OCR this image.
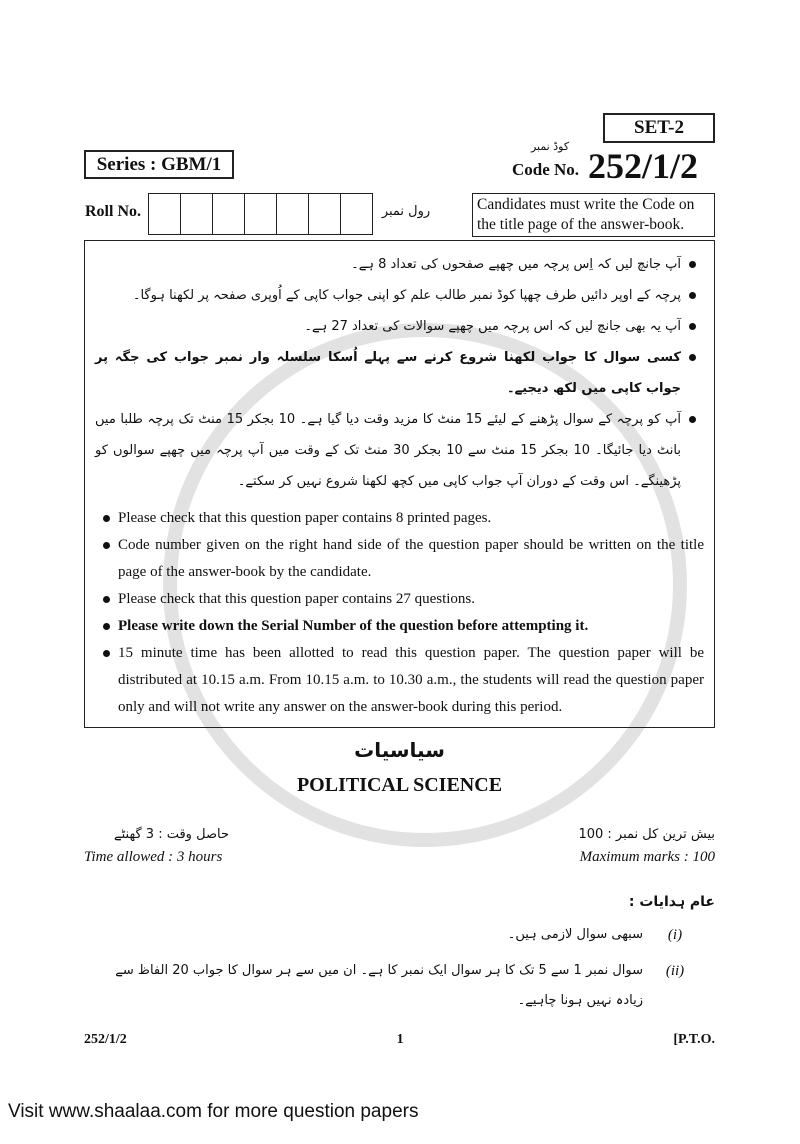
SET-2
Series : GBM/1
کوڈ نمبر
Code No. 252/1/2
Roll No.	رول نمبر	Candidates must write the Code on the title page of the answer-book.
آپ جانچ لیں کہ اِس پرچہ میں چھپے صفحوں کی تعداد 8 ہے۔
پرچہ کے اوپر دائیں طرف چھپا کوڈ نمبر طالب علم کو اپنی جواب کاپی کے اُوپری صفحہ پر لکھنا ہوگا۔
آپ یہ بھی جانچ لیں کہ اس پرچہ میں چھپے سوالات کی تعداد 27 ہے۔
کسی سوال کا جواب لکھنا شروع کرنے سے پہلے اُسکا سلسلہ وار نمبر جواب کی جگہ پر جواب کاپی میں لکھ دیجیے۔
آپ کو پرچہ کے سوال پڑھنے کے لیئے 15 منٹ کا مزید وقت دیا گیا ہے۔ 10 بجکر 15 منٹ تک پرچہ طلبا میں بانٹ دیا جائیگا۔ 10 بجکر 15 منٹ سے 10 بجکر 30 منٹ تک کے وقت میں آپ پرچہ میں چھپے سوالوں کو پڑھینگے۔ اس وقت کے دوران آپ جواب کاپی میں کچھ لکھنا شروع نہیں کر سکتے۔
Please check that this question paper contains 8 printed pages.
Code number given on the right hand side of the question paper should be written on the title page of the answer-book by the candidate.
Please check that this question paper contains 27 questions.
Please write down the Serial Number of the question before attempting it.
15 minute time has been allotted to read this question paper. The question paper will be distributed at 10.15 a.m. From 10.15 a.m. to 10.30 a.m., the students will read the question paper only and will not write any answer on the answer-book during this period.
سیاسیات
POLITICAL SCIENCE
حاصل وقت : 3 گھنٹے
Time allowed : 3 hours
بیش ترین کل نمبر : 100
Maximum marks : 100
عام ہدایات :
(i)
سبھی سوال لازمی ہیں۔
(ii)
سوال نمبر 1 سے 5 تک کا ہر سوال ایک نمبر کا ہے۔ ان میں سے ہر سوال کا جواب 20 الفاظ سے زیادہ نہیں ہونا چاہیے۔
252/1/2	1	[P.T.O.
Visit www.shaalaa.com for more question papers
